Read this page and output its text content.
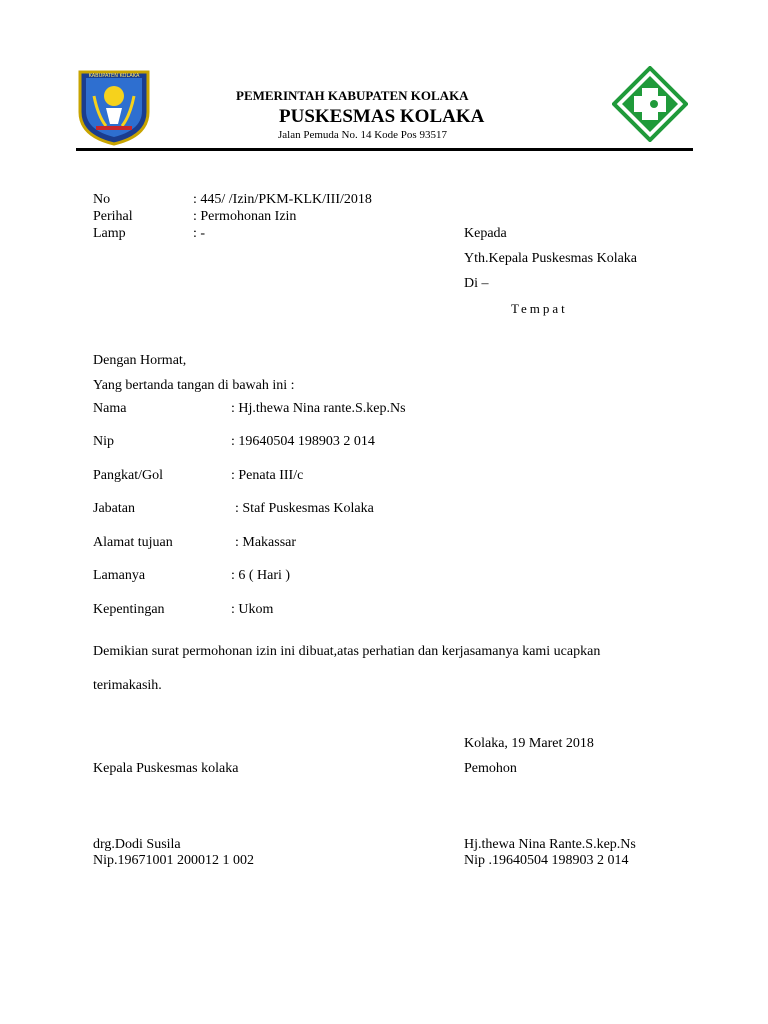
KABUPATEN KOLAKA
PEMERINTAH KABUPATEN KOLAKA
PUSKESMAS KOLAKA
Jalan Pemuda No. 14 Kode Pos 93517
No	: 445/ /Izin/PKM-KLK/III/2018
Perihal	: Permohonan Izin
Lamp	: -	Kepada
Yth.Kepala Puskesmas Kolaka
Di –
Tempat
Dengan Hormat,
Yang bertanda tangan di bawah ini :
Nama	: Hj.thewa Nina rante.S.kep.Ns
Nip	: 19640504 198903 2 014
Pangkat/Gol	: Penata III/c
Jabatan	: Staf Puskesmas Kolaka
Alamat tujuan	: Makassar
Lamanya	: 6 ( Hari )
Kepentingan	: Ukom
Demikian surat permohonan izin ini dibuat,atas perhatian dan kerjasamanya kami ucapkan
terimakasih.
Kolaka, 19 Maret 2018
Kepala Puskesmas kolaka	Pemohon
drg.Dodi Susila
Nip.19671001 200012 1 002
Hj.thewa Nina Rante.S.kep.Ns
Nip .19640504 198903 2 014
